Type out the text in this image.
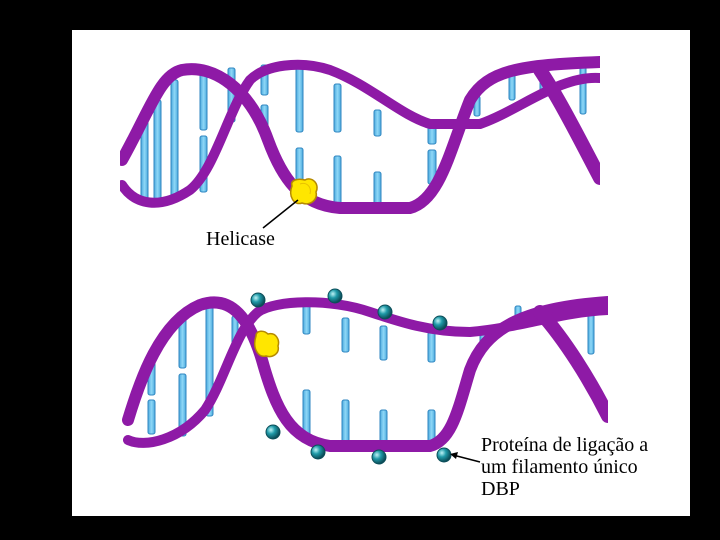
Helicase
Proteína de ligação a
um filamento único
DBP
